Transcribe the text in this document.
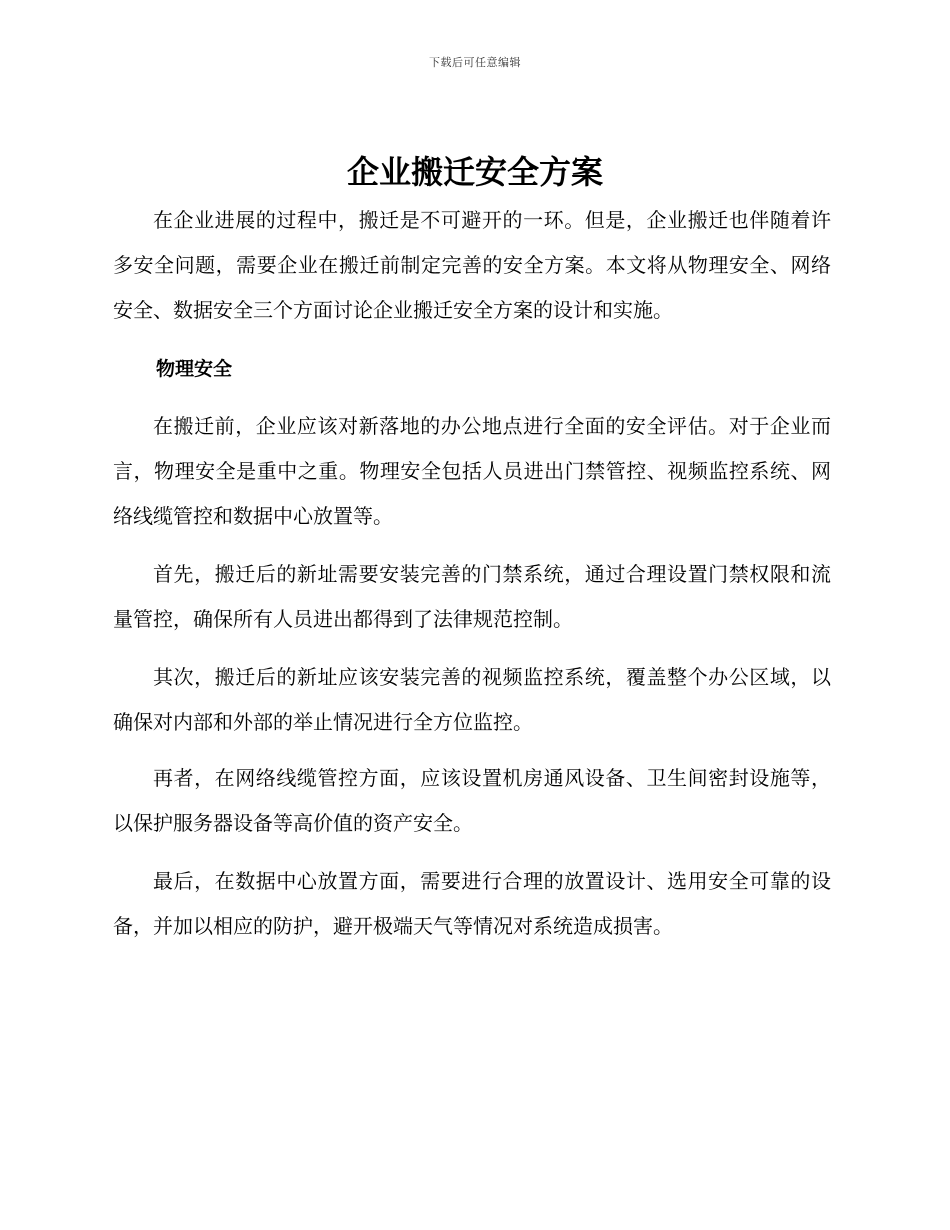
下载后可任意编辑
企业搬迁安全方案

在企业进展的过程中，搬迁是不可避开的一环。但是，企业搬迁也伴随着许多安全问题，需要企业在搬迁前制定完善的安全方案。本文将从物理安全、网络安全、数据安全三个方面讨论企业搬迁安全方案的设计和实施。

物理安全

在搬迁前，企业应该对新落地的办公地点进行全面的安全评估。对于企业而言，物理安全是重中之重。物理安全包括人员进出门禁管控、视频监控系统、网络线缆管控和数据中心放置等。

首先，搬迁后的新址需要安装完善的门禁系统，通过合理设置门禁权限和流量管控，确保所有人员进出都得到了法律规范控制。

其次，搬迁后的新址应该安装完善的视频监控系统，覆盖整个办公区域，以确保对内部和外部的举止情况进行全方位监控。

再者，在网络线缆管控方面，应该设置机房通风设备、卫生间密封设施等，以保护服务器设备等高价值的资产安全。

最后，在数据中心放置方面，需要进行合理的放置设计、选用安全可靠的设备，并加以相应的防护，避开极端天气等情况对系统造成损害。
